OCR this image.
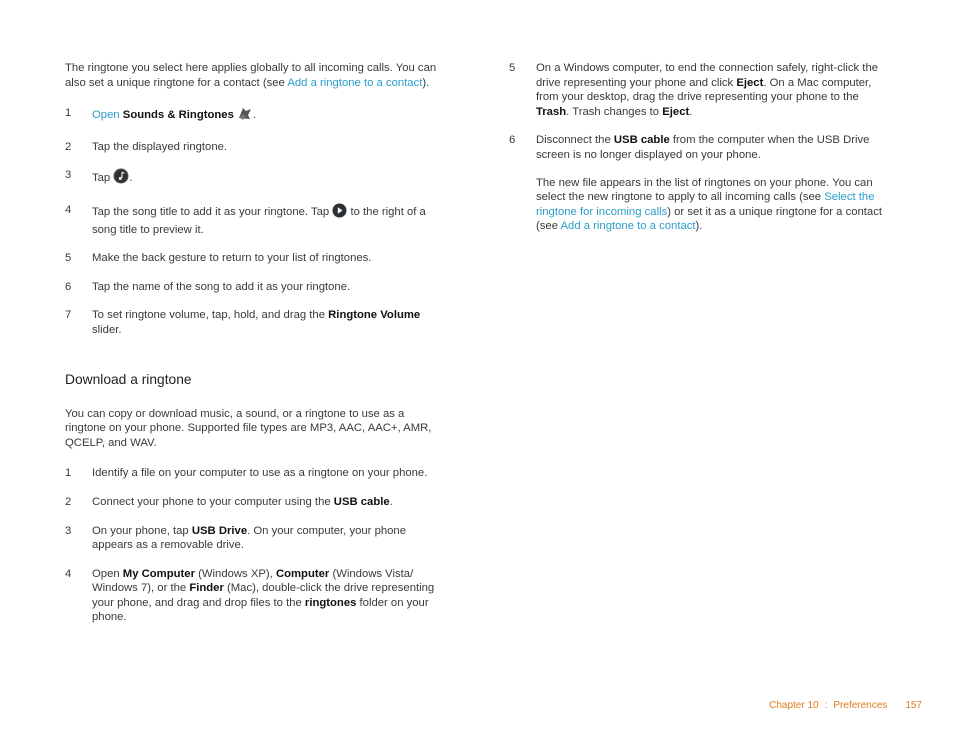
The ringtone you select here applies globally to all incoming calls. You can also set a unique ringtone for a contact (see Add a ringtone to a contact).

1 Open Sounds & Ringtones .
2 Tap the displayed ringtone.
3 Tap .
4 Tap the song title to add it as your ringtone. Tap to the right of a song title to preview it.
5 Make the back gesture to return to your list of ringtones.
6 Tap the name of the song to add it as your ringtone.
7 To set ringtone volume, tap, hold, and drag the Ringtone Volume slider.
Download a ringtone

You can copy or download music, a sound, or a ringtone to use as a ringtone on your phone. Supported file types are MP3, AAC, AAC+, AMR, QCELP, and WAV.

1 Identify a file on your computer to use as a ringtone on your phone.
2 Connect your phone to your computer using the USB cable.
3 On your phone, tap USB Drive. On your computer, your phone appears as a removable drive.
4 Open My Computer (Windows XP), Computer (Windows Vista/ Windows 7), or the Finder (Mac), double-click the drive representing your phone, and drag and drop files to the ringtones folder on your phone.
5 On a Windows computer, to end the connection safely, right-click the drive representing your phone and click Eject. On a Mac computer, from your desktop, drag the drive representing your phone to the Trash. Trash changes to Eject.
6 Disconnect the USB cable from the computer when the USB Drive screen is no longer displayed on your phone.

The new file appears in the list of ringtones on your phone. You can select the new ringtone to apply to all incoming calls (see Select the ringtone for incoming calls) or set it as a unique ringtone for a contact (see Add a ringtone to a contact).

Chapter 10 : Preferences 157
